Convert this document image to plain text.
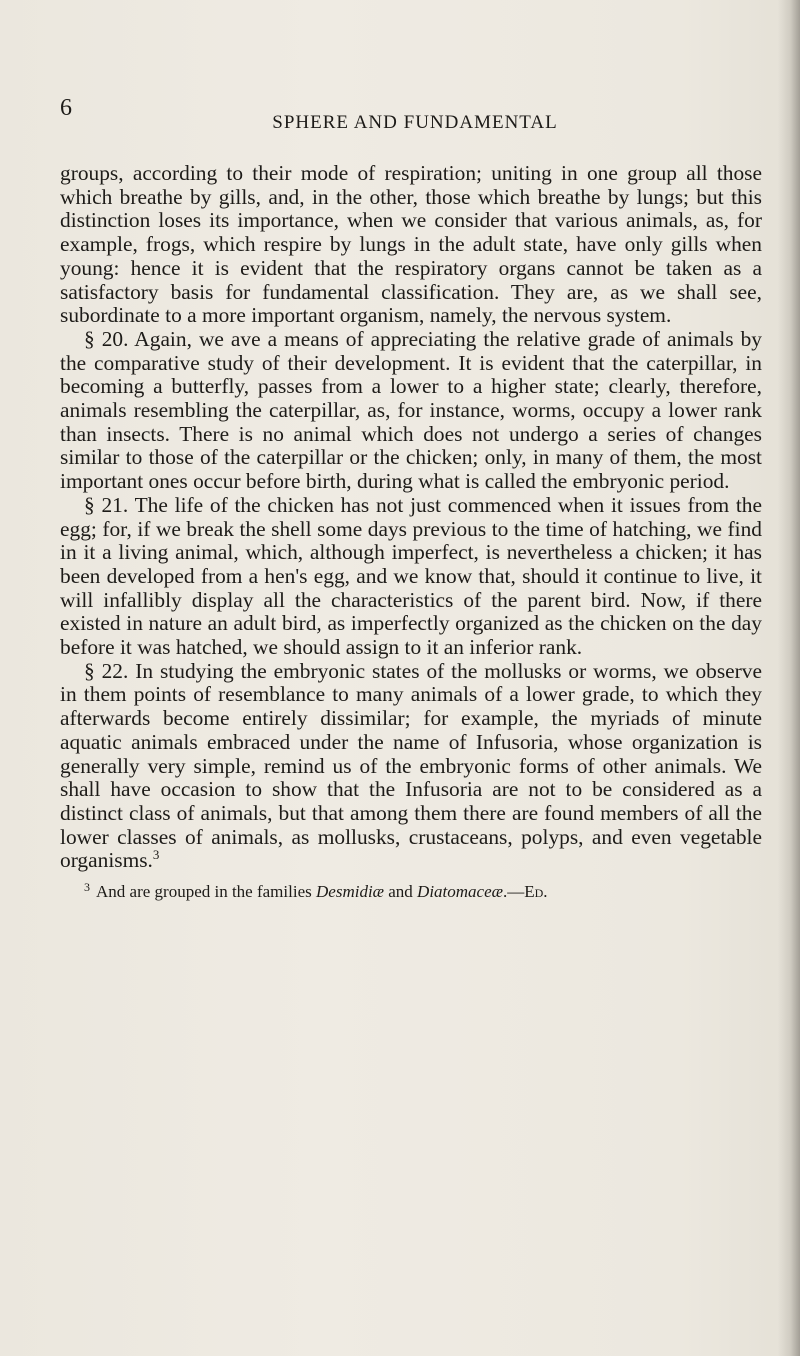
6
SPHERE AND FUNDAMENTAL

groups, according to their mode of respiration; uniting in one group all those which breathe by gills, and, in the other, those which breathe by lungs; but this distinction loses its importance, when we consider that various animals, as, for example, frogs, which respire by lungs in the adult state, have only gills when young: hence it is evident that the respiratory organs cannot be taken as a satisfactory basis for fundamental classification. They are, as we shall see, subordinate to a more important organism, namely, the nervous system.

§ 20. Again, we ave a means of appreciating the relative grade of animals by the comparative study of their development. It is evident that the caterpillar, in becoming a butterfly, passes from a lower to a higher state; clearly, therefore, animals resembling the caterpillar, as, for instance, worms, occupy a lower rank than insects. There is no animal which does not undergo a series of changes similar to those of the caterpillar or the chicken; only, in many of them, the most important ones occur before birth, during what is called the embryonic period.

§ 21. The life of the chicken has not just commenced when it issues from the egg; for, if we break the shell some days previous to the time of hatching, we find in it a living animal, which, although imperfect, is nevertheless a chicken; it has been developed from a hen's egg, and we know that, should it continue to live, it will infallibly display all the characteristics of the parent bird. Now, if there existed in nature an adult bird, as imperfectly organized as the chicken on the day before it was hatched, we should assign to it an inferior rank.

§ 22. In studying the embryonic states of the mollusks or worms, we observe in them points of resemblance to many animals of a lower grade, to which they afterwards become entirely dissimilar; for example, the myriads of minute aquatic animals embraced under the name of Infusoria, whose organization is generally very simple, remind us of the embryonic forms of other animals. We shall have occasion to show that the Infusoria are not to be considered as a distinct class of animals, but that among them there are found members of all the lower classes of animals, as mollusks, crustaceans, polyps, and even vegetable organisms.$^3$

$^3$ And are grouped in the families Desmidiæ and Diatomaceæ.—Ed.
